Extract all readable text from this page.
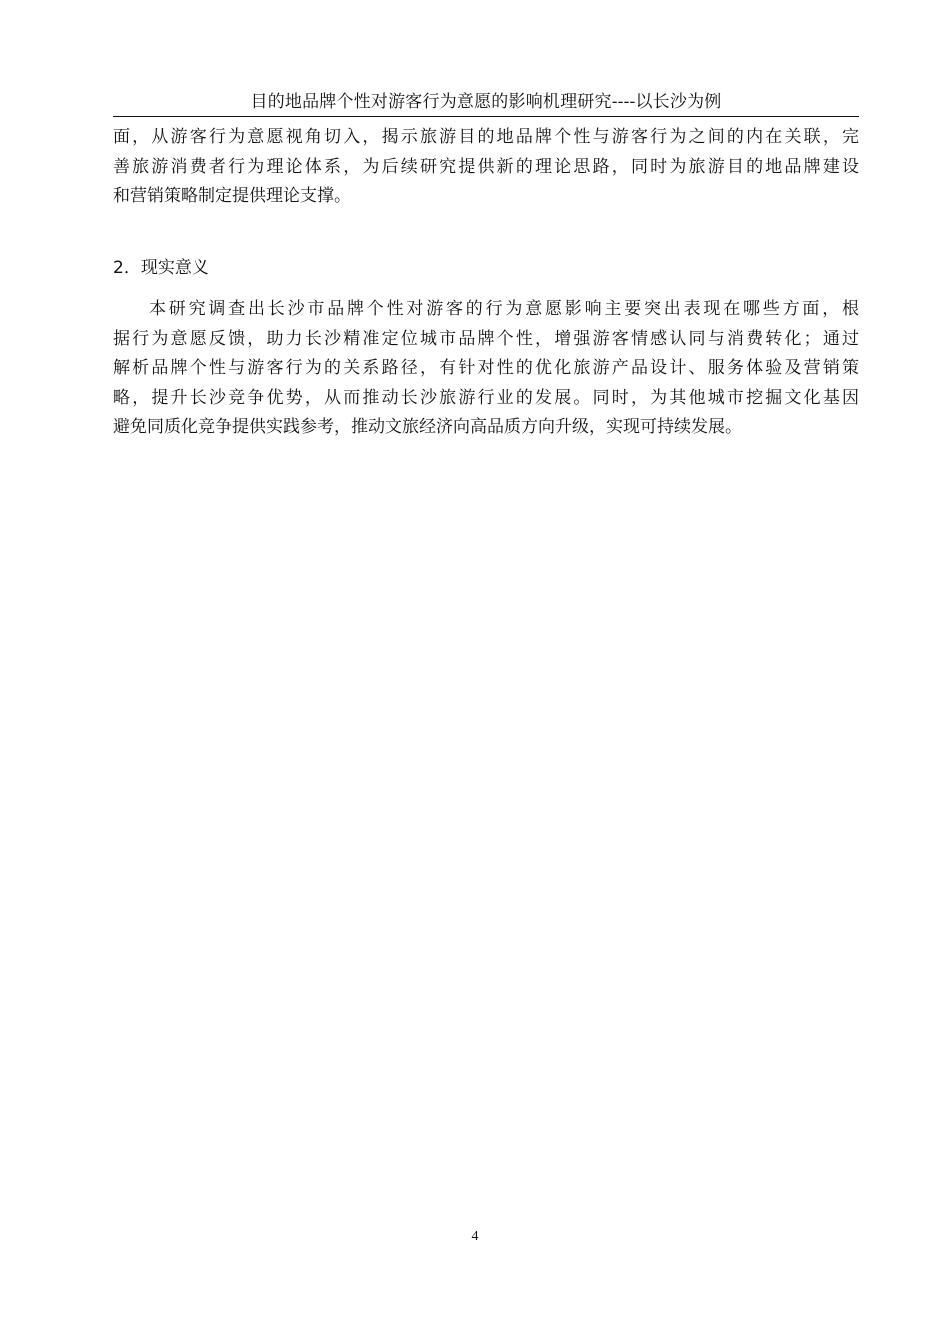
目的地品牌个性对游客行为意愿的影响机理研究----以长沙为例
面，从游客行为意愿视角切入，揭示旅游目的地品牌个性与游客行为之间的内在关联，完
善旅游消费者行为理论体系，为后续研究提供新的理论思路，同时为旅游目的地品牌建设
和营销策略制定提供理论支撑。
2．现实意义
本研究调查出长沙市品牌个性对游客的行为意愿影响主要突出表现在哪些方面，根
据行为意愿反馈，助力长沙精准定位城市品牌个性，增强游客情感认同与消费转化；通过
解析品牌个性与游客行为的关系路径，有针对性的优化旅游产品设计、服务体验及营销策
略，提升长沙竞争优势，从而推动长沙旅游行业的发展。同时，为其他城市挖掘文化基因
避免同质化竞争提供实践参考，推动文旅经济向高品质方向升级，实现可持续发展。
4
